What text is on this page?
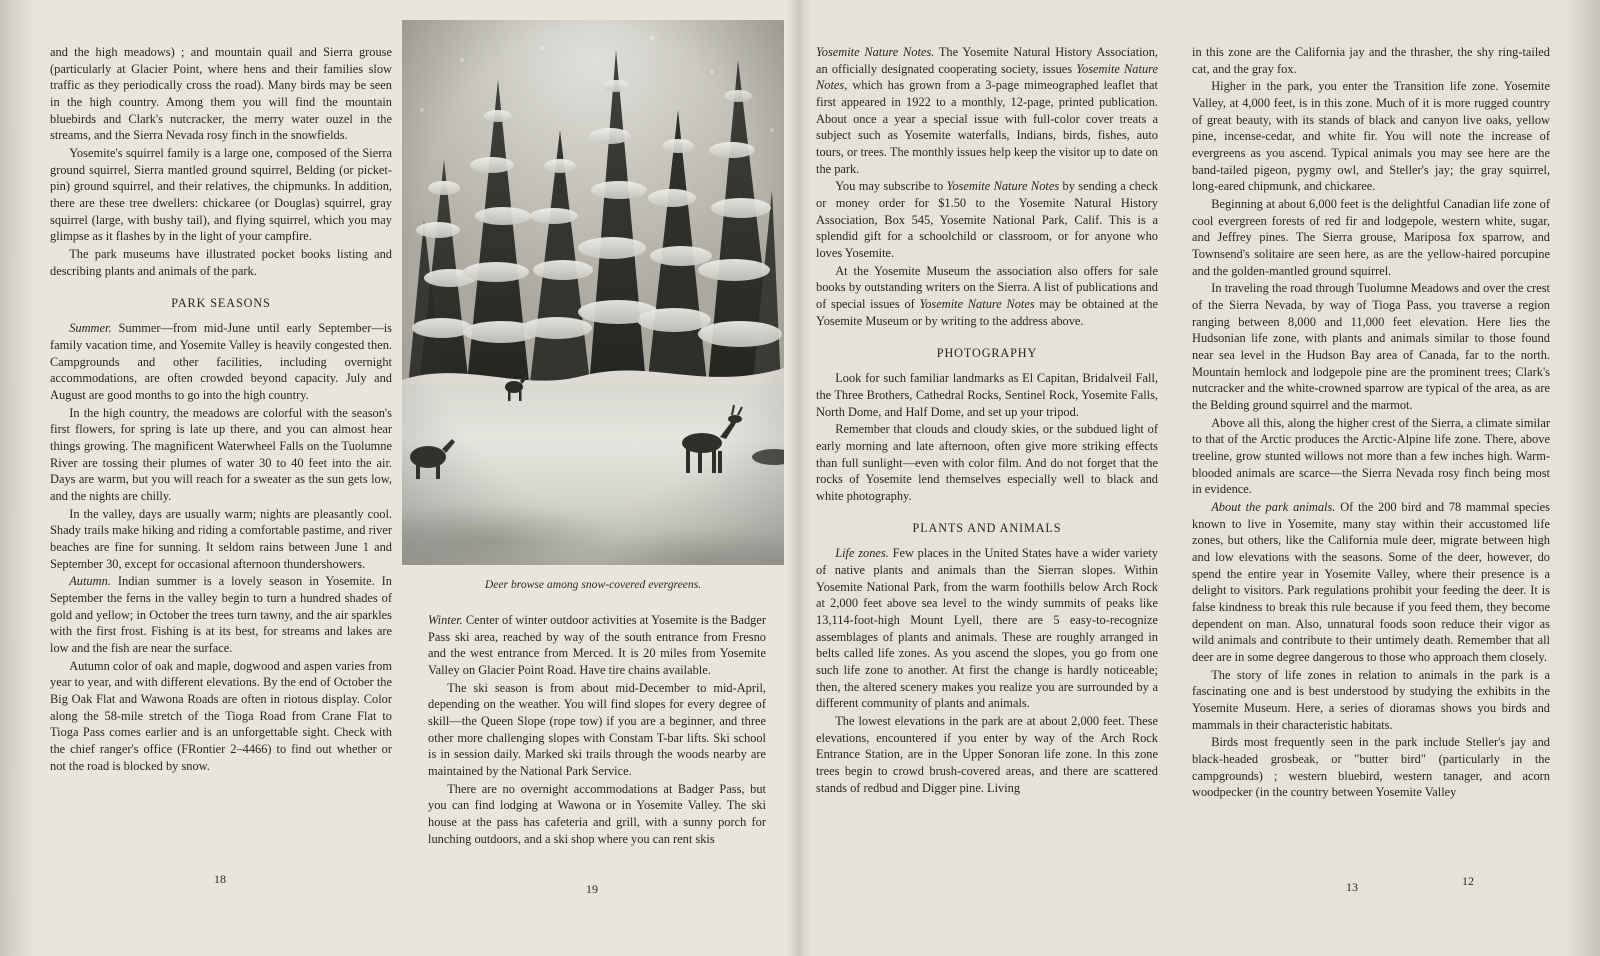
and the high meadows) ; and mountain quail and Sierra grouse (particularly at Glacier Point, where hens and their families slow traffic as they periodically cross the road). Many birds may be seen in the high country. Among them you will find the mountain bluebirds and Clark's nutcracker, the merry water ouzel in the streams, and the Sierra Nevada rosy finch in the snowfields.

Yosemite's squirrel family is a large one, composed of the Sierra ground squirrel, Sierra mantled ground squirrel, Belding (or picket-pin) ground squirrel, and their relatives, the chipmunks. In addition, there are these tree dwellers: chickaree (or Douglas) squirrel, gray squirrel (large, with bushy tail), and flying squirrel, which you may glimpse as it flashes by in the light of your campfire.

The park museums have illustrated pocket books listing and describing plants and animals of the park.

PARK SEASONS

Summer. Summer—from mid-June until early September—is family vacation time, and Yosemite Valley is heavily congested then. Campgrounds and other facilities, including overnight accommodations, are often crowded beyond capacity. July and August are good months to go into the high country.

In the high country, the meadows are colorful with the season's first flowers, for spring is late up there, and you can almost hear things growing. The magnificent Waterwheel Falls on the Tuolumne River are tossing their plumes of water 30 to 40 feet into the air. Days are warm, but you will reach for a sweater as the sun gets low, and the nights are chilly.

In the valley, days are usually warm; nights are pleasantly cool. Shady trails make hiking and riding a comfortable pastime, and river beaches are fine for sunning. It seldom rains between June 1 and September 30, except for occasional afternoon thundershowers.

Autumn. Indian summer is a lovely season in Yosemite. In September the ferns in the valley begin to turn a hundred shades of gold and yellow; in October the trees turn tawny, and the air sparkles with the first frost. Fishing is at its best, for streams and lakes are low and the fish are near the surface.

Autumn color of oak and maple, dogwood and aspen varies from year to year, and with different elevations. By the end of October the Big Oak Flat and Wawona Roads are often in riotous display. Color along the 58-mile stretch of the Tioga Road from Crane Flat to Tioga Pass comes earlier and is an unforgettable sight. Check with the chief ranger's office (FRontier 2–4466) to find out whether or not the road is blocked by snow.

Deer browse among snow-covered evergreens.

Winter. Center of winter outdoor activities at Yosemite is the Badger Pass ski area, reached by way of the south entrance from Fresno and the west entrance from Merced. It is 20 miles from Yosemite Valley on Glacier Point Road. Have tire chains available.

The ski season is from about mid-December to mid-April, depending on the weather. You will find slopes for every degree of skill—the Queen Slope (rope tow) if you are a beginner, and three other more challenging slopes with Constam T-bar lifts. Ski school is in session daily. Marked ski trails through the woods nearby are maintained by the National Park Service.

There are no overnight accommodations at Badger Pass, but you can find lodging at Wawona or in Yosemite Valley. The ski house at the pass has cafeteria and grill, with a sunny porch for lunching outdoors, and a ski shop where you can rent skis

Yosemite Nature Notes. The Yosemite Natural History Association, an officially designated cooperating society, issues Yosemite Nature Notes, which has grown from a 3-page mimeographed leaflet that first appeared in 1922 to a monthly, 12-page, printed publication. About once a year a special issue with full-color cover treats a subject such as Yosemite waterfalls, Indians, birds, fishes, auto tours, or trees. The monthly issues help keep the visitor up to date on the park.

You may subscribe to Yosemite Nature Notes by sending a check or money order for $1.50 to the Yosemite Natural History Association, Box 545, Yosemite National Park, Calif. This is a splendid gift for a schoolchild or classroom, or for anyone who loves Yosemite.

At the Yosemite Museum the association also offers for sale books by outstanding writers on the Sierra. A list of publications and of special issues of Yosemite Nature Notes may be obtained at the Yosemite Museum or by writing to the address above.

PHOTOGRAPHY

Look for such familiar landmarks as El Capitan, Bridalveil Fall, the Three Brothers, Cathedral Rocks, Sentinel Rock, Yosemite Falls, North Dome, and Half Dome, and set up your tripod.

Remember that clouds and cloudy skies, or the subdued light of early morning and late afternoon, often give more striking effects than full sunlight—even with color film. And do not forget that the rocks of Yosemite lend themselves especially well to black and white photography.

PLANTS AND ANIMALS

Life zones. Few places in the United States have a wider variety of native plants and animals than the Sierran slopes. Within Yosemite National Park, from the warm foothills below Arch Rock at 2,000 feet above sea level to the windy summits of peaks like 13,114-foot-high Mount Lyell, there are 5 easy-to-recognize assemblages of plants and animals. These are roughly arranged in belts called life zones. As you ascend the slopes, you go from one such life zone to another. At first the change is hardly noticeable; then, the altered scenery makes you realize you are surrounded by a different community of plants and animals.

The lowest elevations in the park are at about 2,000 feet. These elevations, encountered if you enter by way of the Arch Rock Entrance Station, are in the Upper Sonoran life zone. In this zone trees begin to crowd brush-covered areas, and there are scattered stands of redbud and Digger pine. Living

in this zone are the California jay and the thrasher, the shy ring-tailed cat, and the gray fox.

Higher in the park, you enter the Transition life zone. Yosemite Valley, at 4,000 feet, is in this zone. Much of it is more rugged country of great beauty, with its stands of black and canyon live oaks, yellow pine, incense-cedar, and white fir. You will note the increase of evergreens as you ascend. Typical animals you may see here are the band-tailed pigeon, pygmy owl, and Steller's jay; the gray squirrel, long-eared chipmunk, and chickaree.

Beginning at about 6,000 feet is the delightful Canadian life zone of cool evergreen forests of red fir and lodgepole, western white, sugar, and Jeffrey pines. The Sierra grouse, Mariposa fox sparrow, and Townsend's solitaire are seen here, as are the yellow-haired porcupine and the golden-mantled ground squirrel.

In traveling the road through Tuolumne Meadows and over the crest of the Sierra Nevada, by way of Tioga Pass, you traverse a region ranging between 8,000 and 11,000 feet elevation. Here lies the Hudsonian life zone, with plants and animals similar to those found near sea level in the Hudson Bay area of Canada, far to the north. Mountain hemlock and lodgepole pine are the prominent trees; Clark's nutcracker and the white-crowned sparrow are typical of the area, as are the Belding ground squirrel and the marmot.

Above all this, along the higher crest of the Sierra, a climate similar to that of the Arctic produces the Arctic-Alpine life zone. There, above treeline, grow stunted willows not more than a few inches high. Warm-blooded animals are scarce—the Sierra Nevada rosy finch being most in evidence.

About the park animals. Of the 200 bird and 78 mammal species known to live in Yosemite, many stay within their accustomed life zones, but others, like the California mule deer, migrate between high and low elevations with the seasons. Some of the deer, however, do spend the entire year in Yosemite Valley, where their presence is a delight to visitors. Park regulations prohibit your feeding the deer. It is false kindness to break this rule because if you feed them, they become dependent on man. Also, unnatural foods soon reduce their vigor as wild animals and contribute to their untimely death. Remember that all deer are in some degree dangerous to those who approach them closely.

The story of life zones in relation to animals in the park is a fascinating one and is best understood by studying the exhibits in the Yosemite Museum. Here, a series of dioramas shows you birds and mammals in their characteristic habitats.

Birds most frequently seen in the park include Steller's jay and black-headed grosbeak, or "butter bird" (particularly in the campgrounds) ; western bluebird, western tanager, and acorn woodpecker (in the country between Yosemite Valley

18
19
12
13
